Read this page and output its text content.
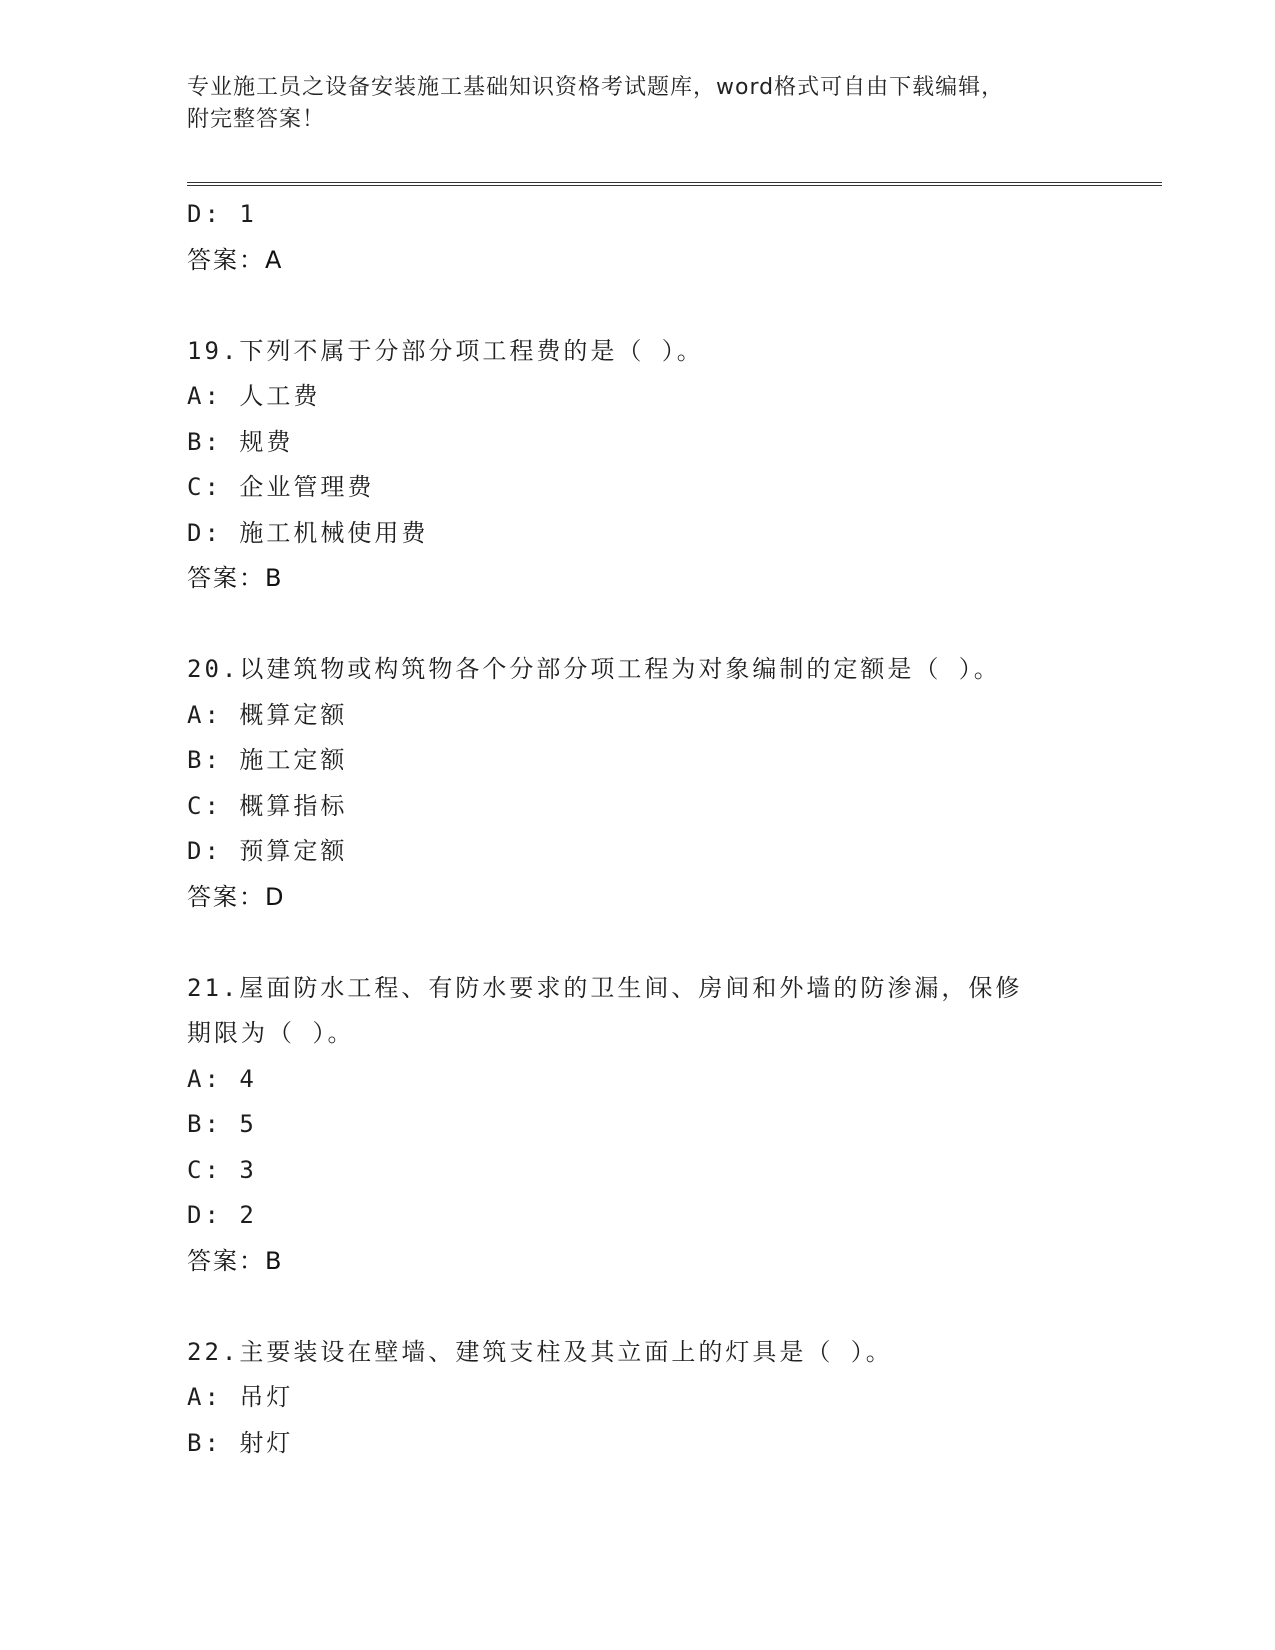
专业施工员之设备安装施工基础知识资格考试题库，word格式可自由下载编辑，
附完整答案！
D: 1
答案：A
19.下列不属于分部分项工程费的是（ ）。
A: 人工费
B: 规费
C: 企业管理费
D: 施工机械使用费
答案：B
20.以建筑物或构筑物各个分部分项工程为对象编制的定额是（ ）。
A: 概算定额
B: 施工定额
C: 概算指标
D: 预算定额
答案：D
21.屋面防水工程、有防水要求的卫生间、房间和外墙的防渗漏，保修
期限为（ ）。
A: 4
B: 5
C: 3
D: 2
答案：B
22.主要装设在壁墙、建筑支柱及其立面上的灯具是（ ）。
A: 吊灯
B: 射灯
